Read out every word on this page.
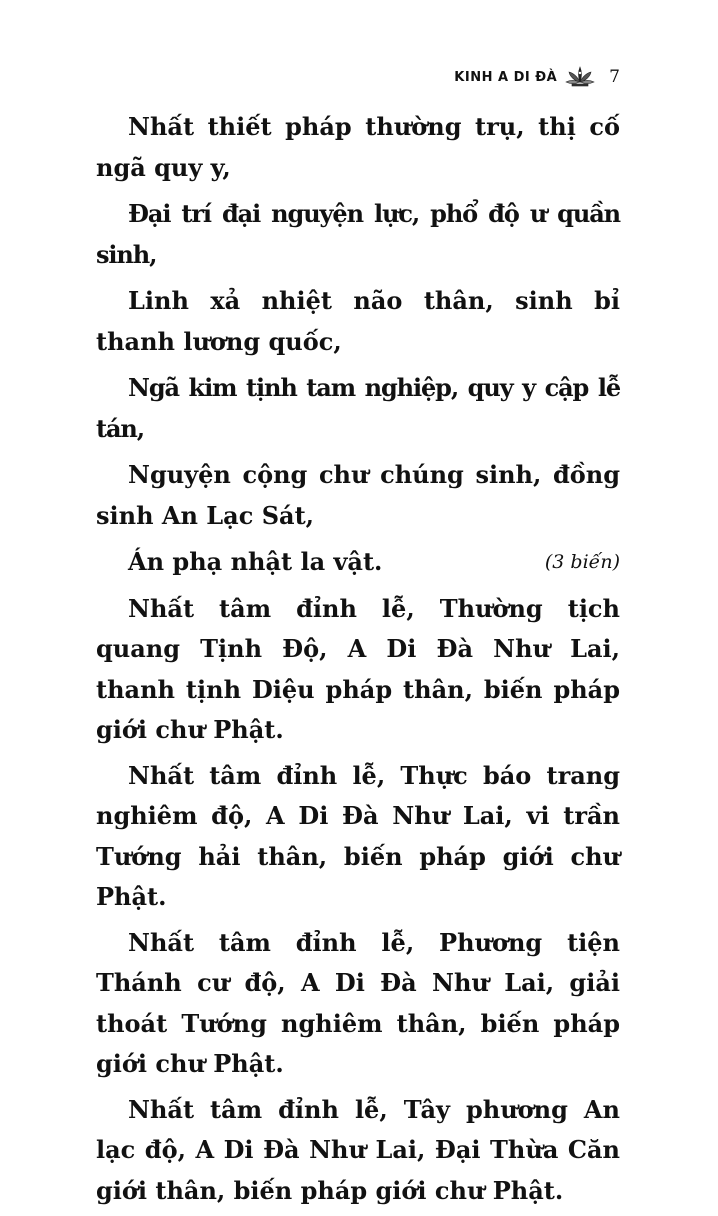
KINH A DI ĐÀ	7

Nhất thiết pháp thường trụ, thị cố ngã quy y,

Đại trí đại nguyện lực, phổ độ ư quần sinh,

Linh xả nhiệt não thân, sinh bỉ thanh lương quốc,

Ngã kim tịnh tam nghiệp, quy y cập lễ tán,

Nguyện cộng chư chúng sinh, đồng sinh An Lạc Sát,

Án phạ nhật la vật.	(3 biến)

Nhất tâm đỉnh lễ, Thường tịch quang Tịnh Độ, A Di Đà Như Lai, thanh tịnh Diệu pháp thân, biến pháp giới chư Phật.

Nhất tâm đỉnh lễ, Thực báo trang nghiêm độ, A Di Đà Như Lai, vi trần Tướng hải thân, biến pháp giới chư Phật.

Nhất tâm đỉnh lễ, Phương tiện Thánh cư độ, A Di Đà Như Lai, giải thoát Tướng nghiêm thân, biến pháp giới chư Phật.

Nhất tâm đỉnh lễ, Tây phương An lạc độ, A Di Đà Như Lai, Đại Thừa Căn giới thân, biến pháp giới chư Phật.
